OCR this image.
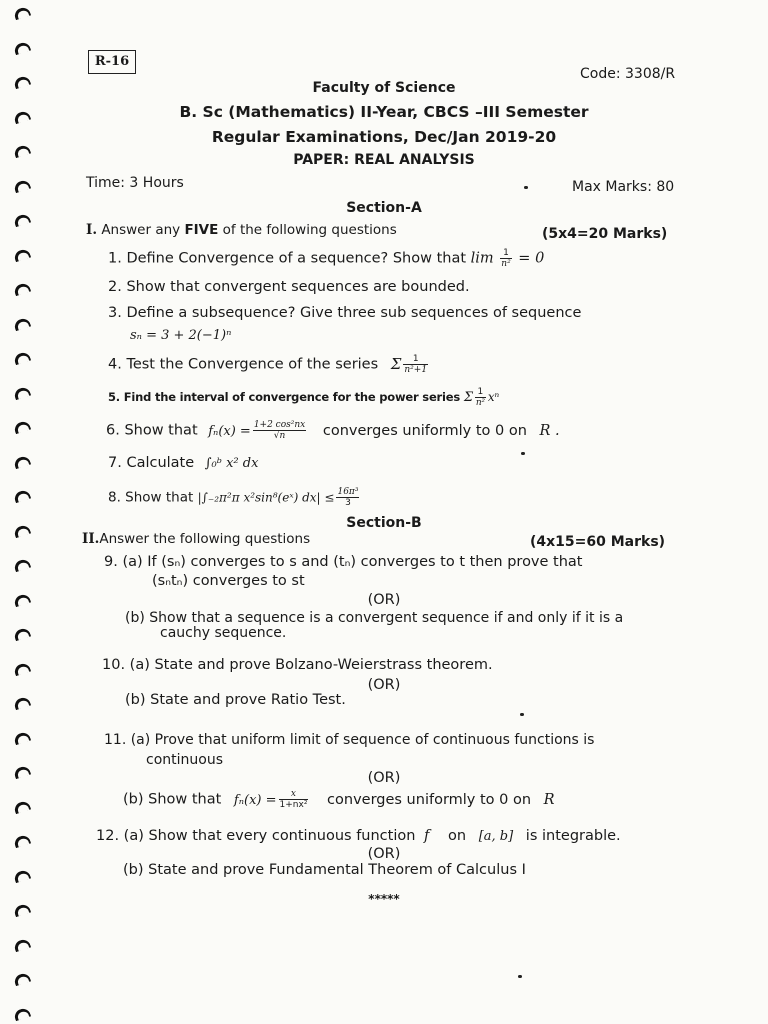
R-16
Code: 3308/R
Faculty of Science
B. Sc (Mathematics) II-Year, CBCS –III Semester
Regular Examinations, Dec/Jan 2019-20
PAPER: REAL ANALYSIS
Time: 3 Hours	Max Marks: 80
Section-A
I. Answer any FIVE of the following questions	(5x4=20 Marks)
1. Define Convergence of a sequence? Show that $\lim \frac{1}{\text{n²}} = 0$
2. Show that convergent sequences are bounded.
3. Define a subsequence? Give three sub sequences of sequence
sₙ = 3 + 2(−1)ⁿ
4. Test the Convergence of the series Σ $\frac{1}{\text{n²+1}}$
5. Find the interval of convergence for the power series Σ $\frac{1}{\text{n²}}$ xⁿ
6. Show that $f_n(x) = \frac{\text{1+2 cos²nx}}{√n}$ converges uniformly to 0 on R .
7. Calculate ∫₀ᵇ x² dx
8. Show that |∫₋₂π²π x²sin⁸(eˣ) $dx| \le \frac{\text{16π³}}{3}$
Section-B
II.Answer the following questions	(4x15=60 Marks)
9. (a) If (sₙ) converges to s and (tₙ) converges to t then prove that
(sₙtₙ) converges to st
(OR)
(b) Show that a sequence is a convergent sequence if and only if it is a
cauchy sequence.
10. (a) State and prove Bolzano-Weierstrass theorem.
(OR)
(b) State and prove Ratio Test.
11. (a) Prove that uniform limit of sequence of continuous functions is
continuous
(OR)
(b) Show that $f_n(x) = \frac{x}{\text{1+nx²}}$ converges uniformly to 0 on R
12. (a) Show that every continuous function f on [a, b] is integrable.
(OR)
(b) State and prove Fundamental Theorem of Calculus I
*****
